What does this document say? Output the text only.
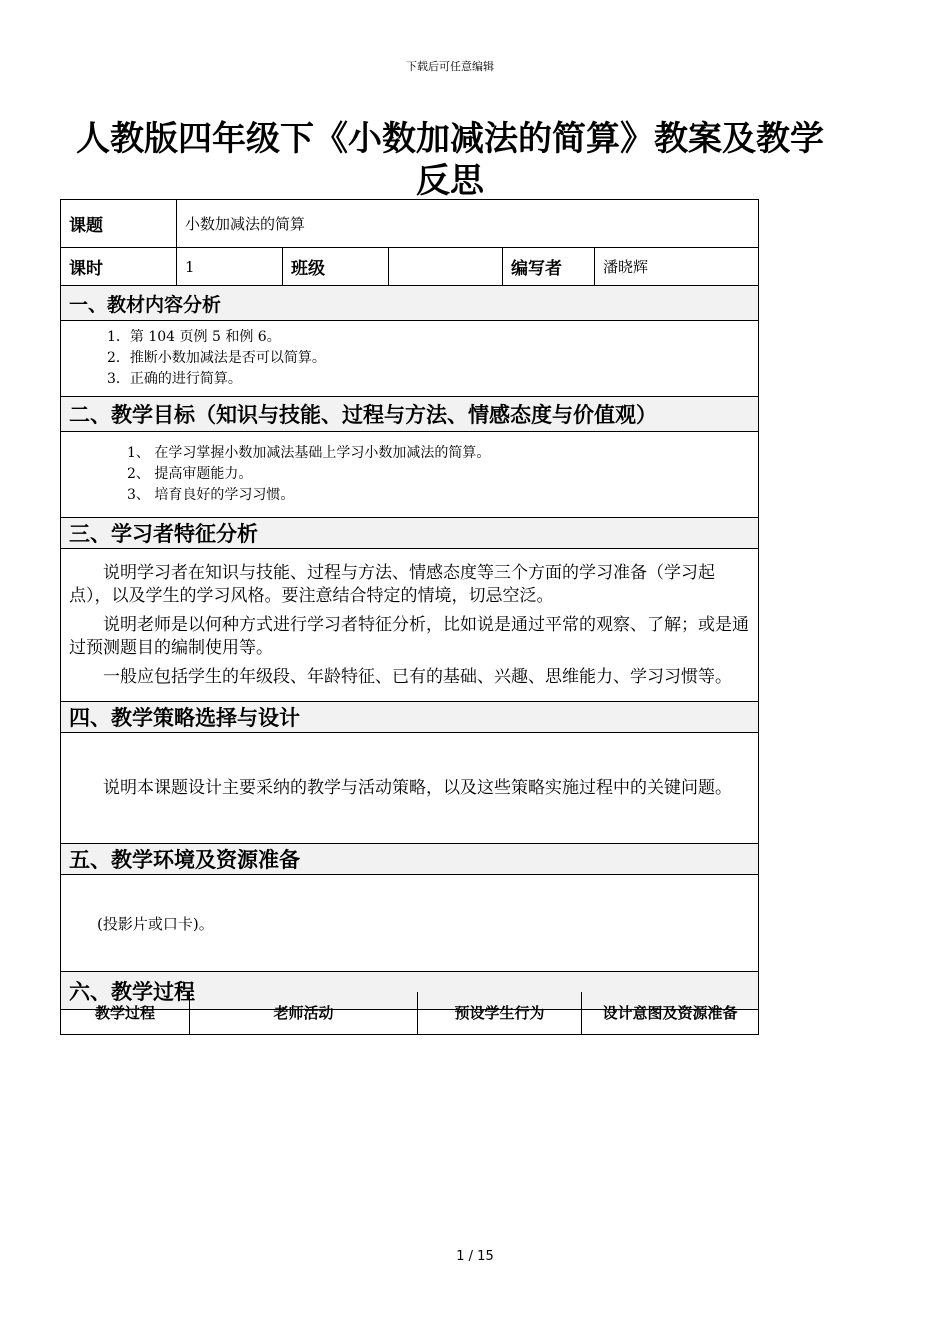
下载后可任意编辑
人教版四年级下《小数加减法的简算》教案及教学反思
课题	小数加减法的简算				
课时	1	班级		编写者	潘晓辉
一、教材内容分析					

1．第 104 页例 5 和例 6。
2．推断小数加减法是否可以简算。
3．正确的进行简算。					

二、教学目标（知识与技能、过程与方法、情感态度与价值观）					

1、 在学习掌握小数加减法基础上学习小数加减法的简算。
2、 提高审题能力。
3、 培育良好的学习习惯。					

三、学习者特征分析					

说明学习者在知识与技能、过程与方法、情感态度等三个方面的学习准备（学习起点），以及学生的学习风格。要注意结合特定的情境，切忌空泛。

说明老师是以何种方式进行学习者特征分析，比如说是通过平常的观察、了解；或是通过预测题目的编制使用等。

一般应包括学生的年级段、年龄特征、已有的基础、兴趣、思维能力、学习习惯等。					

四、教学策略选择与设计					

说明本课题设计主要采纳的教学与活动策略，以及这些策略实施过程中的关键问题。					

五、教学环境及资源准备					

(投影片或口卡)。					

六、教学过程					
教学过程	老师活动	预设学生行为	设计意图及资源准备
1 / 15
